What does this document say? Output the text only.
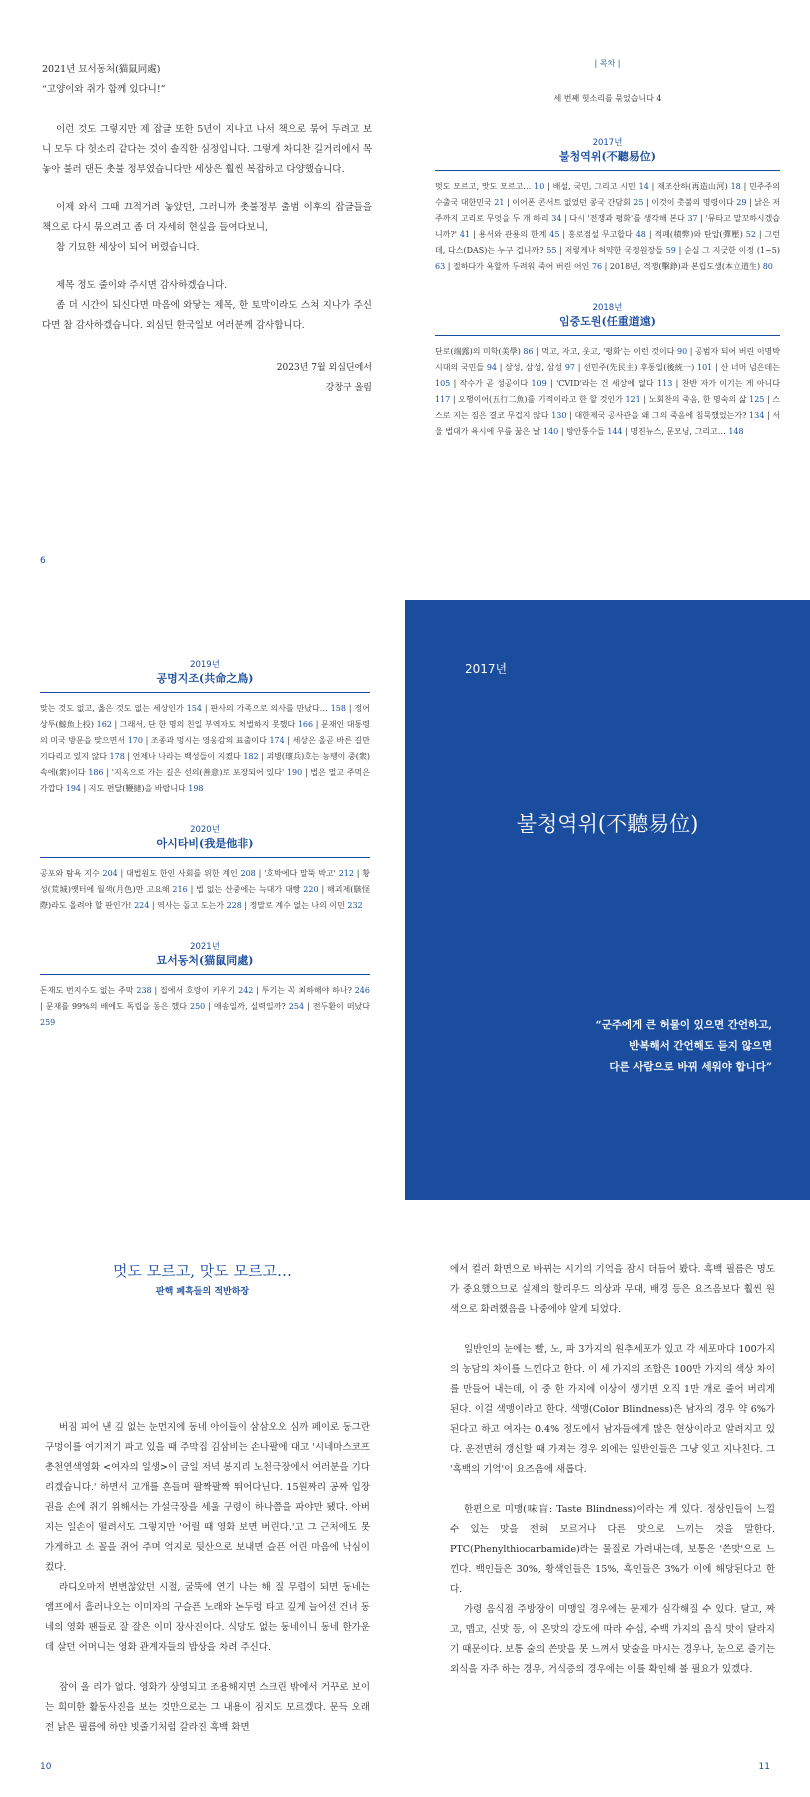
2021년 묘서동처(猫鼠同處)
“고양이와 쥐가 함께 있다니!”

이런 것도 그렇지만 제 잡글 또한 5년이 지나고 나서 책으로 묶어 두려고 보니 모두 다 헛소리 같다는 것이 솔직한 심정입니다. 그렇게 차디찬 길거리에서 목 놓아 불러 댄든 촛불 정부였습니다만 세상은 훨씬 복잡하고 다양했습니다.

이제 와서 그때 끄적거려 놓았던, 그러니까 촛불정부 출범 이후의 잡글들을 책으로 다시 묶으려고 좀 더 자세히 현실을 들여다보니,

참 기묘한 세상이 되어 버렸습니다.

제목 정도 줄이와 주시면 감사하겠습니다.

좀 더 시간이 되신다면 마음에 와닿는 제목, 한 토막이라도 스쳐 지나가 주신다면 참 감사하겠습니다. 외심딘 한국일보 여러분께 감사합니다.

2023년 7월 외심딘에서
강창구 올림
6
| 목차 |
세 번째 헛소리를 묶었습니다 4
2017년
불청역위(不聽易位)

멋도 모르고, 맛도 모르고… 10 | 배설, 국민, 그리고 시민 14 | 재조산하(再造山河) 18 | 민주주의 수출국 대한민국 21 | 이어폰 콘서트 없었던 콩국 간담회 25 | 이것이 촛불의 명령이다 29 | 낡은 저주까지 고리로 무엇을 두 개 하리 34 | 다시 '전쟁과 평화'를 생각해 본다 37 | '뮤타고 말꼬하시겠습니까?' 41 | 용서와 관용의 한계 45 | 홍로점설 무고합다 48 | 적폐(積弊)와 탄압(彈壓) 52 | 그런데, 다스(DAS)는 누구 겁니까? 55 | 저렇게나 허약한 국정원장들 59 | 순실 그 지긋한 이정 (1~5) 63 | 절하다가 욕할까 두려워 죽어 버린 어인 76 | 2018년, 격쟁(擊錚)과 본립도생(本立道生) 80

2018년
임중도원(任重道遠)

단로(端露)의 미학(美學) 86 | 먹고, 자고, 웃고, '평화'는 이런 것이다 90 | 공범자 되어 버린 이명박 시대의 국민들 94 | 삼성, 삼성, 삼성 97 | 선민주(先民主) 후통일(後統一) 101 | 산 너머 넘은데는 105 | 작수가 곧 성공이다 109 | 'CVID'라는 건 세상에 없다 113 | 찬반 자가 이기는 게 아니다 117 | 오행이어(五行二魚)를 기적이라고 한 할 것인가 121 | 노회찬의 죽음, 한 명숙의 삶 125 | 스스로 지는 짐은 결코 무겁지 않다 130 | 대한제국 공사관을 왜 그의 죽음에 침묵했었는가? 134 | 서울 법대가 욕시에 무릎 꿇은 날 140 | 방안퉁수들 144 | 명진뉴스, 문모닝, 그리고… 148

2019년
공명지조(共命之鳥)

맞는 것도 없고, 옳은 것도 없는 세상인가 154 | 판사의 가족으로 의사를 만났다… 158 | 정어상투(鯨魚上投) 162 | 그래서, 단 한 명의 친일 부역자도 처벌하지 못했다 166 | 문재인 대통령의 미국 방문을 맞으면서 170 | 조종과 멍시는 영웅감의 표출이다 174 | 세상은 올곧 바른 길만 기다리고 있지 않다 178 | 언제나 나라는 백성들이 지켰다 182 | 괴병(瓌兵)호는 농땡이 중(衆)속에(衆)이다 186 | '지옥으로 가는 길은 선의(善意)로 포장되어 있다' 190 | 법은 멀고 주먹은 가깝다 194 | 지도 편달(鞭撻)을 바랍니다 198

2020년
아시타비(我是他非)

공포와 탐욕 지수 204 | 대법원도 한인 사회를 위한 계인 208 | '호박에다 말뚝 박고' 212 | 황성(荒城)옛터에 월색(月色)만 고요해 216 | 법 없는 산중에는 늑대가 대빵 220 | 해괴제(駭怪際)라도 올려야 할 판인가! 224 | 역사는 돌고 도는가 228 | 정말로 계수 없는 나의 이민 232

2021년
묘서동처(猫鼠同處)

돈재도 번지수도 없는 주막 238 | 집에서 호랑이 키우기 242 | 투기는 꼭 최하해야 하나? 246 | 문재를 99%의 배에도 독립을 동은 했다 250 | 애송일까, 실력일까? 254 | 전두환이 떠났다 259

2017년
불청역위(不聽易位)
“군주에게 큰 허물이 있으면 간언하고,
반복해서 간언해도 듣지 않으면
다른 사람으로 바꿔 세워야 합니다”
멋도 모르고, 맛도 모르고…
판핵 폐흑들의 적반하장

버짐 피어 낸 깊 없는 눈먼지에 동네 아이들이 삼삼오오 심까 페이로 동그란 구멍이를 여기저기 파고 있을 때 주막집 김삼비는 손나팔에 대고 '시네마스코프 총천연색영화 <여자의 일생>이 금일 저녁 봉지리 노천극장에서 여러분을 기다리겠습니다.' 하면서 고개를 흔들며 팔짝팔짝 뛰어다닌다. 15원짜리 공짜 입장권을 손에 쥐기 위해서는 가설극장을 세울 구령이 하나쯤을 파야만 됐다. 아버지는 일손이 떨려서도 그렇지만 '어릴 때 영화 보면 버린다.'고 그 근처에도 못 가게하고 소 꼴을 쥐어 주며 억지로 뒷산으로 보내면 슬픈 어린 마음에 낙심이 컸다.

라디오마저 변변찮았던 시절, 굴뚝에 연기 나는 해 질 무렵이 되면 동네는 앰프에서 흘러나오는 이미자의 구슬픈 노래와 논두렁 타고 깊게 늘어선 건너 동네의 영화 팬들로 잘 잘은 이미 장사진이다. 식당도 없는 동네이니 동네 한가운데 살던 어머니는 영화 관계자들의 밥상을 차려 주신다.

잠이 올 리가 없다. 영화가 상영되고 조용해지면 스크린 밖에서 거꾸로 보이는 희미한 활동사진을 보는 것만으로는 그 내용이 짐지도 모르겠다. 문득 오래전 낡은 필름에 하얀 빗줄기처럼 갈라진 흑백 화면

10

에서 컬러 화면으로 바뀌는 시기의 기억을 잠시 더듬어 봤다. 흑백 필름은 명도가 중요했으므로 실제의 할리우드 의상과 무대, 배경 등은 요즈음보다 훨씬 원색으로 화려했음을 나중에야 알게 되었다.

일반인의 눈에는 빨, 노, 파 3가지의 원추세포가 있고 각 세포마다 100가지의 농담의 차이를 느낀다고 한다. 이 세 가지의 조합은 100만 가지의 색상 차이를 만들어 내는데, 이 중 한 가지에 이상이 생기면 오직 1만 개로 줄어 버리게 된다. 이걸 색맹이라고 한다. 색맹(Color Blindness)은 남자의 경우 약 6%가 된다고 하고 여자는 0.4% 정도에서 남자들에게 많은 현상이라고 알려지고 있다. 운전면허 갱신할 때 가져는 경우 외에는 일반인들은 그냥 잊고 지나친다. 그 '흑백의 기억'이 요즈음에 새롭다.

한편으로 미맹(味盲: Taste Blindness)이라는 게 있다. 정상인들이 느낄 수 있는 맛을 전혀 모르거나 다른 맛으로 느끼는 것을 말한다. PTC(Phenylthiocarbamide)라는 물질로 가려내는데, 보통은 '쓴맛'으로 느낀다. 백인들은 30%, 황색인들은 15%, 흑인들은 3%가 이에 해당된다고 한다.

가령 음식점 주방장이 미맹일 경우에는 문제가 심각해질 수 있다. 달고, 짜고, 맵고, 신맛 등, 이 온맛의 강도에 따라 수십, 수백 가지의 음식 맛이 달라지기 때문이다. 보통 술의 쓴맛을 못 느껴서 맞술을 마시는 경우나, 눈으로 즐기는 외식을 자주 하는 경우, 거식증의 경우에는 이를 확인해 볼 필요가 있겠다.

11
